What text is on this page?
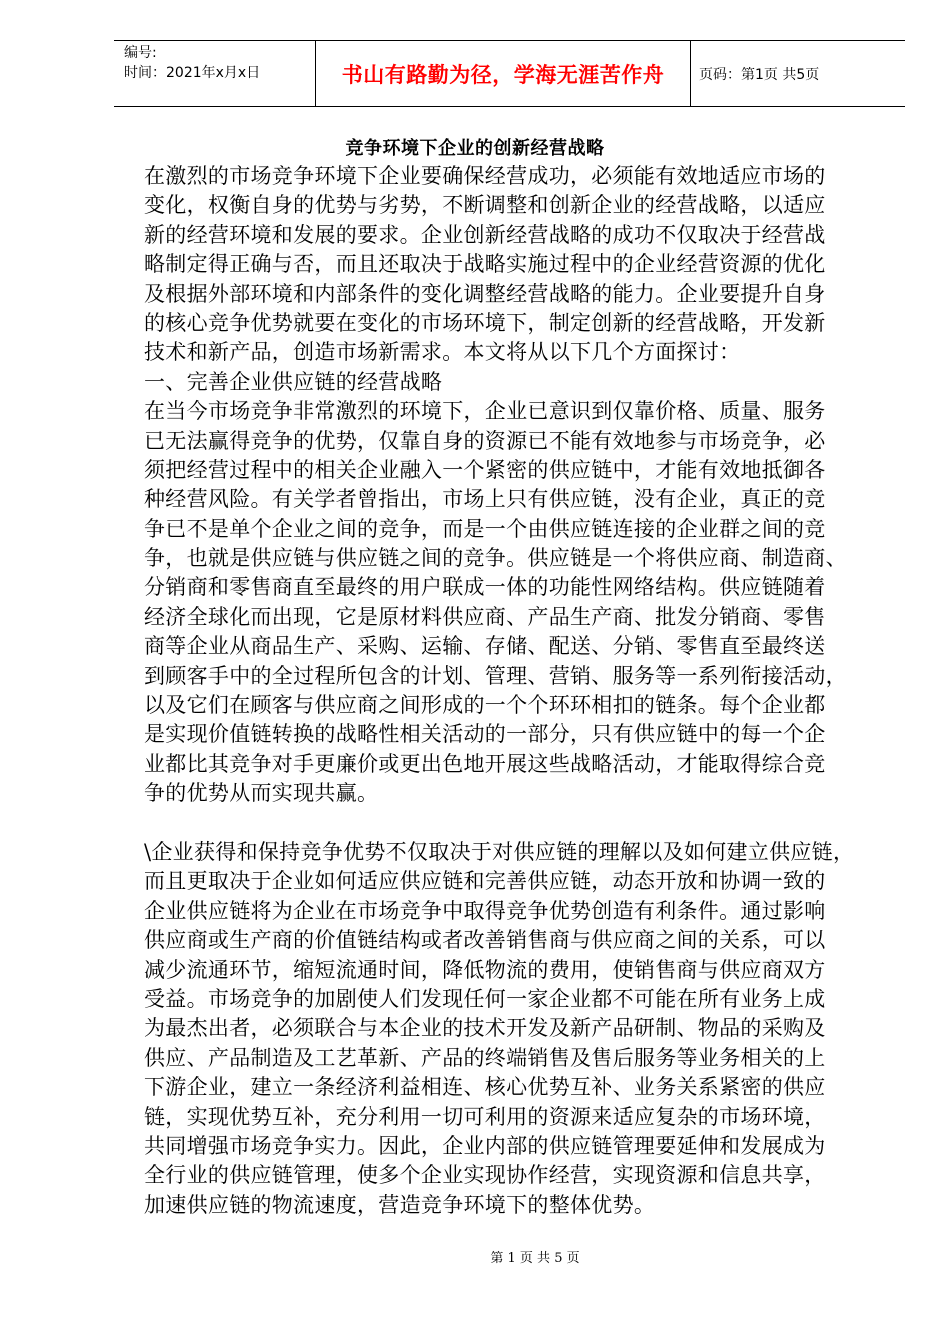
编号:
时间：2021年x月x日	书山有路勤为径，学海无涯苦作舟	页码：第1页 共5页
竞争环境下企业的创新经营战略
在激烈的市场竞争环境下企业要确保经营成功，必须能有效地适应市场的
变化，权衡自身的优势与劣势，不断调整和创新企业的经营战略，以适应
新的经营环境和发展的要求。企业创新经营战略的成功不仅取决于经营战
略制定得正确与否，而且还取决于战略实施过程中的企业经营资源的优化
及根据外部环境和内部条件的变化调整经营战略的能力。企业要提升自身
的核心竞争优势就要在变化的市场环境下，制定创新的经营战略，开发新
技术和新产品，创造市场新需求。本文将从以下几个方面探讨：
一、完善企业供应链的经营战略
在当今市场竞争非常激烈的环境下，企业已意识到仅靠价格、质量、服务
已无法赢得竞争的优势，仅靠自身的资源已不能有效地参与市场竞争，必
须把经营过程中的相关企业融入一个紧密的供应链中，才能有效地抵御各
种经营风险。有关学者曾指出，市场上只有供应链，没有企业，真正的竞
争已不是单个企业之间的竞争，而是一个由供应链连接的企业群之间的竞
争，也就是供应链与供应链之间的竞争。供应链是一个将供应商、制造商、
分销商和零售商直至最终的用户联成一体的功能性网络结构。供应链随着
经济全球化而出现，它是原材料供应商、产品生产商、批发分销商、零售
商等企业从商品生产、采购、运输、存储、配送、分销、零售直至最终送
到顾客手中的全过程所包含的计划、管理、营销、服务等一系列衔接活动，
以及它们在顾客与供应商之间形成的一个个环环相扣的链条。每个企业都
是实现价值链转换的战略性相关活动的一部分，只有供应链中的每一个企
业都比其竞争对手更廉价或更出色地开展这些战略活动，才能取得综合竞
争的优势从而实现共赢。
\企业获得和保持竞争优势不仅取决于对供应链的理解以及如何建立供应链，
而且更取决于企业如何适应供应链和完善供应链，动态开放和协调一致的
企业供应链将为企业在市场竞争中取得竞争优势创造有利条件。通过影响
供应商或生产商的价值链结构或者改善销售商与供应商之间的关系，可以
减少流通环节，缩短流通时间，降低物流的费用，使销售商与供应商双方
受益。市场竞争的加剧使人们发现任何一家企业都不可能在所有业务上成
为最杰出者，必须联合与本企业的技术开发及新产品研制、物品的采购及
供应、产品制造及工艺革新、产品的终端销售及售后服务等业务相关的上
下游企业，建立一条经济利益相连、核心优势互补、业务关系紧密的供应
链，实现优势互补，充分利用一切可利用的资源来适应复杂的市场环境，
共同增强市场竞争实力。因此，企业内部的供应链管理要延伸和发展成为
全行业的供应链管理，使多个企业实现协作经营，实现资源和信息共享，
加速供应链的物流速度，营造竞争环境下的整体优势。
第 1 页 共 5 页
